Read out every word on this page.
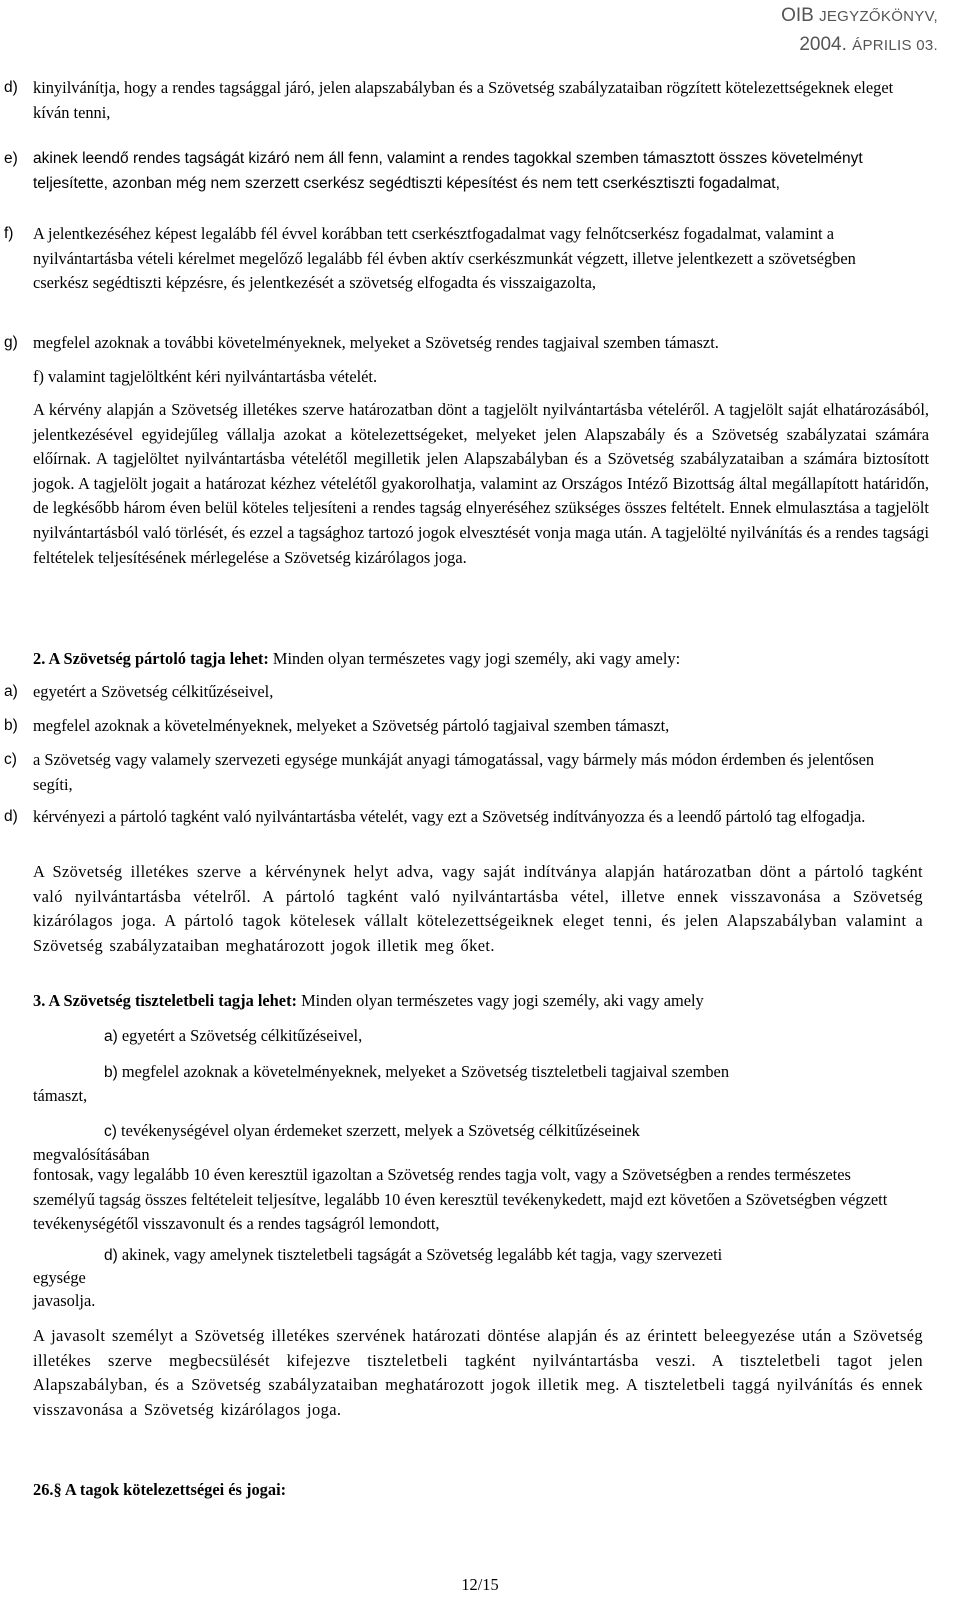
OIB JEGYZŐKÖNYV,
2004. ÁPRILIS 03.
d) kinyilvánítja, hogy a rendes tagsággal járó, jelen alapszabályban és a Szövetség szabályzataiban rögzített kötelezettségeknek eleget kíván tenni,
e) akinek leendő rendes tagságát kizáró nem áll fenn, valamint a rendes tagokkal szemben támasztott összes követelményt teljesítette, azonban még nem szerzett cserkész segédtiszti képesítést és nem tett cserkésztiszti fogadalmat,
f) A jelentkezéséhez képest legalább fél évvel korábban tett cserkésztfogadalmat vagy felnőtcserkész fogadalmat, valamint a nyilvántartásba vételi kérelmet megelőző legalább fél évben aktív cserkészmunkát végzett, illetve jelentkezett a szövetségben cserkész segédtiszti képzésre, és jelentkezését a szövetség elfogadta és visszaigazolta,
g) megfelel azoknak a további követelményeknek, melyeket a Szövetség rendes tagjaival szemben támaszt.
f) valamint tagjelöltként kéri nyilvántartásba vételét.
A kérvény alapján a Szövetség illetékes szerve határozatban dönt a tagjelölt nyilvántartásba vételéről. A tagjelölt saját elhatározásából, jelentkezésével egyidejűleg vállalja azokat a kötelezettségeket, melyeket jelen Alapszabály és a Szövetség szabályzatai számára előírnak. A tagjelöltet nyilvántartásba vételétől megilletik jelen Alapszabályban és a Szövetség szabályzataiban a számára biztosított jogok. A tagjelölt jogait a határozat kézhez vételétől gyakorolhatja, valamint az Országos Intéző Bizottság által megállapított határidőn, de legkésőbb három éven belül köteles teljesíteni a rendes tagság elnyeréséhez szükséges összes feltételt. Ennek elmulasztása a tagjelölt nyilvántartásból való törlését, és ezzel a tagsághoz tartozó jogok elvesztését vonja maga után. A tagjelölté nyilvánítás és a rendes tagsági feltételek teljesítésének mérlegelése a Szövetség kizárólagos joga.
2. A Szövetség pártoló tagja lehet: Minden olyan természetes vagy jogi személy, aki vagy amely:
a) egyetért a Szövetség célkitűzéseivel,
b) megfelel azoknak a követelményeknek, melyeket a Szövetség pártoló tagjaival szemben támaszt,
c) a Szövetség vagy valamely szervezeti egysége munkáját anyagi támogatással, vagy bármely más módon érdemben és jelentősen segíti,
d) kérvényezi a pártoló tagként való nyilvántartásba vételét, vagy ezt a Szövetség indítványozza és a leendő pártoló tag elfogadja.
A Szövetség illetékes szerve a kérvénynek helyt adva, vagy saját indítványa alapján határozatban dönt a pártoló tagként való nyilvántartásba vételről. A pártoló tagként való nyilvántartásba vétel, illetve ennek visszavonása a Szövetség kizárólagos joga. A pártoló tagok kötelesek vállalt kötelezettségeiknek eleget tenni, és jelen Alapszabályban valamint a Szövetség szabályzataiban meghatározott jogok illetik meg őket.
3. A Szövetség tiszteletbeli tagja lehet: Minden olyan természetes vagy jogi személy, aki vagy amely
a) egyetért a Szövetség célkitűzéseivel,
b) megfelel azoknak a követelményeknek, melyeket a Szövetség tiszteletbeli tagjaival szemben
támaszt,
c) tevékenységével olyan érdemeket szerzett, melyek a Szövetség célkitűzéseinek
megvalósításában
fontosak, vagy legalább 10 éven keresztül igazoltan a Szövetség rendes tagja volt, vagy a Szövetségben a rendes természetes személyű tagság összes feltételeit teljesítve, legalább 10 éven keresztül tevékenykedett, majd ezt követően a Szövetségben végzett tevékenységétől visszavonult és a rendes tagságról lemondott,
d) akinek, vagy amelynek tiszteletbeli tagságát a Szövetség legalább két tagja, vagy szervezeti
egysége
javasolja.
A javasolt személyt a Szövetség illetékes szervének határozati döntése alapján és az érintett beleegyezése után a Szövetség illetékes szerve megbecsülését kifejezve tiszteletbeli tagként nyilvántartásba veszi. A tiszteletbeli tagot jelen Alapszabályban, és a Szövetség szabályzataiban meghatározott jogok illetik meg. A tiszteletbeli taggá nyilvánítás és ennek visszavonása a Szövetség kizárólagos joga.
26.§ A tagok kötelezettségei és jogai:
12/15
